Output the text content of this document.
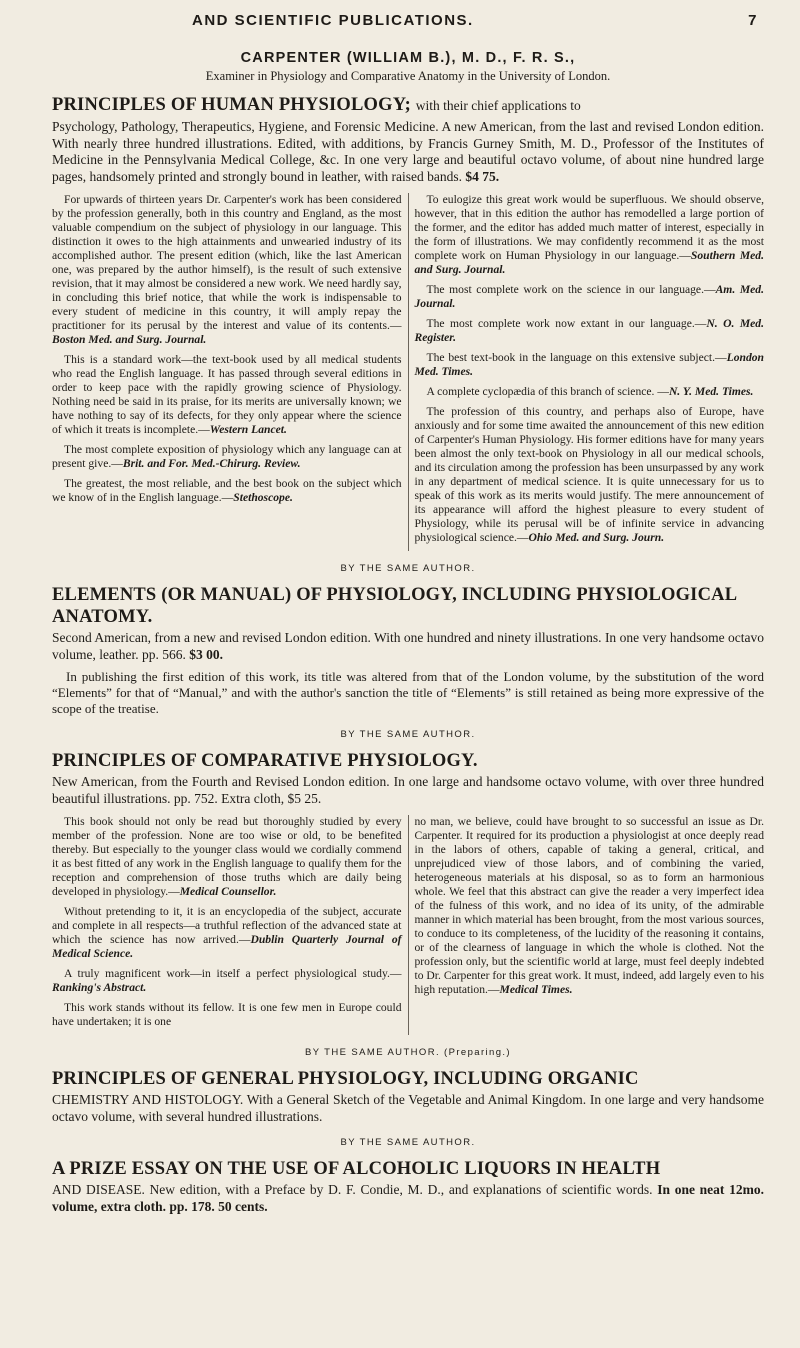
AND SCIENTIFIC PUBLICATIONS.	7
CARPENTER (WILLIAM B.), M. D., F. R. S.,
Examiner in Physiology and Comparative Anatomy in the University of London.
PRINCIPLES OF HUMAN PHYSIOLOGY; with their chief applications to
Psychology, Pathology, Therapeutics, Hygiene, and Forensic Medicine. A new American, from the last and revised London edition. With nearly three hundred illustrations. Edited, with additions, by Francis Gurney Smith, M. D., Professor of the Institutes of Medicine in the Pennsylvania Medical College, &c. In one very large and beautiful octavo volume, of about nine hundred large pages, handsomely printed and strongly bound in leather, with raised bands. $4 75.

For upwards of thirteen years Dr. Carpenter's work has been considered by the profession generally, both in this country and England, as the most valuable compendium on the subject of physiology in our language. This distinction it owes to the high attainments and unwearied industry of its accomplished author. The present edition (which, like the last American one, was prepared by the author himself), is the result of such extensive revision, that it may almost be considered a new work. We need hardly say, in concluding this brief notice, that while the work is indispensable to every student of medicine in this country, it will amply repay the practitioner for its perusal by the interest and value of its contents.—Boston Med. and Surg. Journal.

This is a standard work—the text-book used by all medical students who read the English language. It has passed through several editions in order to keep pace with the rapidly growing science of Physiology. Nothing need be said in its praise, for its merits are universally known; we have nothing to say of its defects, for they only appear where the science of which it treats is incomplete.—Western Lancet.

The most complete exposition of physiology which any language can at present give.—Brit. and For. Med.-Chirurg. Review.

The greatest, the most reliable, and the best book on the subject which we know of in the English language.—Stethoscope.

To eulogize this great work would be superfluous. We should observe, however, that in this edition the author has remodelled a large portion of the former, and the editor has added much matter of interest, especially in the form of illustrations. We may confidently recommend it as the most complete work on Human Physiology in our language.—Southern Med. and Surg. Journal.

The most complete work on the science in our language.—Am. Med. Journal.

The most complete work now extant in our language.—N. O. Med. Register.

The best text-book in the language on this extensive subject.—London Med. Times.

A complete cyclopædia of this branch of science. —N. Y. Med. Times.

The profession of this country, and perhaps also of Europe, have anxiously and for some time awaited the announcement of this new edition of Carpenter's Human Physiology. His former editions have for many years been almost the only text-book on Physiology in all our medical schools, and its circulation among the profession has been unsurpassed by any work in any department of medical science. It is quite unnecessary for us to speak of this work as its merits would justify. The mere announcement of its appearance will afford the highest pleasure to every student of Physiology, while its perusal will be of infinite service in advancing physiological science.—Ohio Med. and Surg. Journ.

BY THE SAME AUTHOR.
ELEMENTS (OR MANUAL) OF PHYSIOLOGY, INCLUDING PHYSIOLOGICAL ANATOMY.
Second American, from a new and revised London edition. With one hundred and ninety illustrations. In one very handsome octavo volume, leather. pp. 566. $3 00.
In publishing the first edition of this work, its title was altered from that of the London volume, by the substitution of the word “Elements” for that of “Manual,” and with the author's sanction the title of “Elements” is still retained as being more expressive of the scope of the treatise.
BY THE SAME AUTHOR.
PRINCIPLES OF COMPARATIVE PHYSIOLOGY.
New American, from the Fourth and Revised London edition. In one large and handsome octavo volume, with over three hundred beautiful illustrations. pp. 752. Extra cloth, $5 25.

This book should not only be read but thoroughly studied by every member of the profession. None are too wise or old, to be benefited thereby. But especially to the younger class would we cordially commend it as best fitted of any work in the English language to qualify them for the reception and comprehension of those truths which are daily being developed in physiology.—Medical Counsellor.

Without pretending to it, it is an encyclopedia of the subject, accurate and complete in all respects—a truthful reflection of the advanced state at which the science has now arrived.—Dublin Quarterly Journal of Medical Science.

A truly magnificent work—in itself a perfect physiological study.—Ranking's Abstract.

This work stands without its fellow. It is one few men in Europe could have undertaken; it is one

no man, we believe, could have brought to so successful an issue as Dr. Carpenter. It required for its production a physiologist at once deeply read in the labors of others, capable of taking a general, critical, and unprejudiced view of those labors, and of combining the varied, heterogeneous materials at his disposal, so as to form an harmonious whole. We feel that this abstract can give the reader a very imperfect idea of the fulness of this work, and no idea of its unity, of the admirable manner in which material has been brought, from the most various sources, to conduce to its completeness, of the lucidity of the reasoning it contains, or of the clearness of language in which the whole is clothed. Not the profession only, but the scientific world at large, must feel deeply indebted to Dr. Carpenter for this great work. It must, indeed, add largely even to his high reputation.—Medical Times.

BY THE SAME AUTHOR. (Preparing.)
PRINCIPLES OF GENERAL PHYSIOLOGY, INCLUDING ORGANIC
CHEMISTRY AND HISTOLOGY. With a General Sketch of the Vegetable and Animal Kingdom. In one large and very handsome octavo volume, with several hundred illustrations.
BY THE SAME AUTHOR.
A PRIZE ESSAY ON THE USE OF ALCOHOLIC LIQUORS IN HEALTH
AND DISEASE. New edition, with a Preface by D. F. Condie, M. D., and explanations of scientific words. In one neat 12mo. volume, extra cloth. pp. 178. 50 cents.
